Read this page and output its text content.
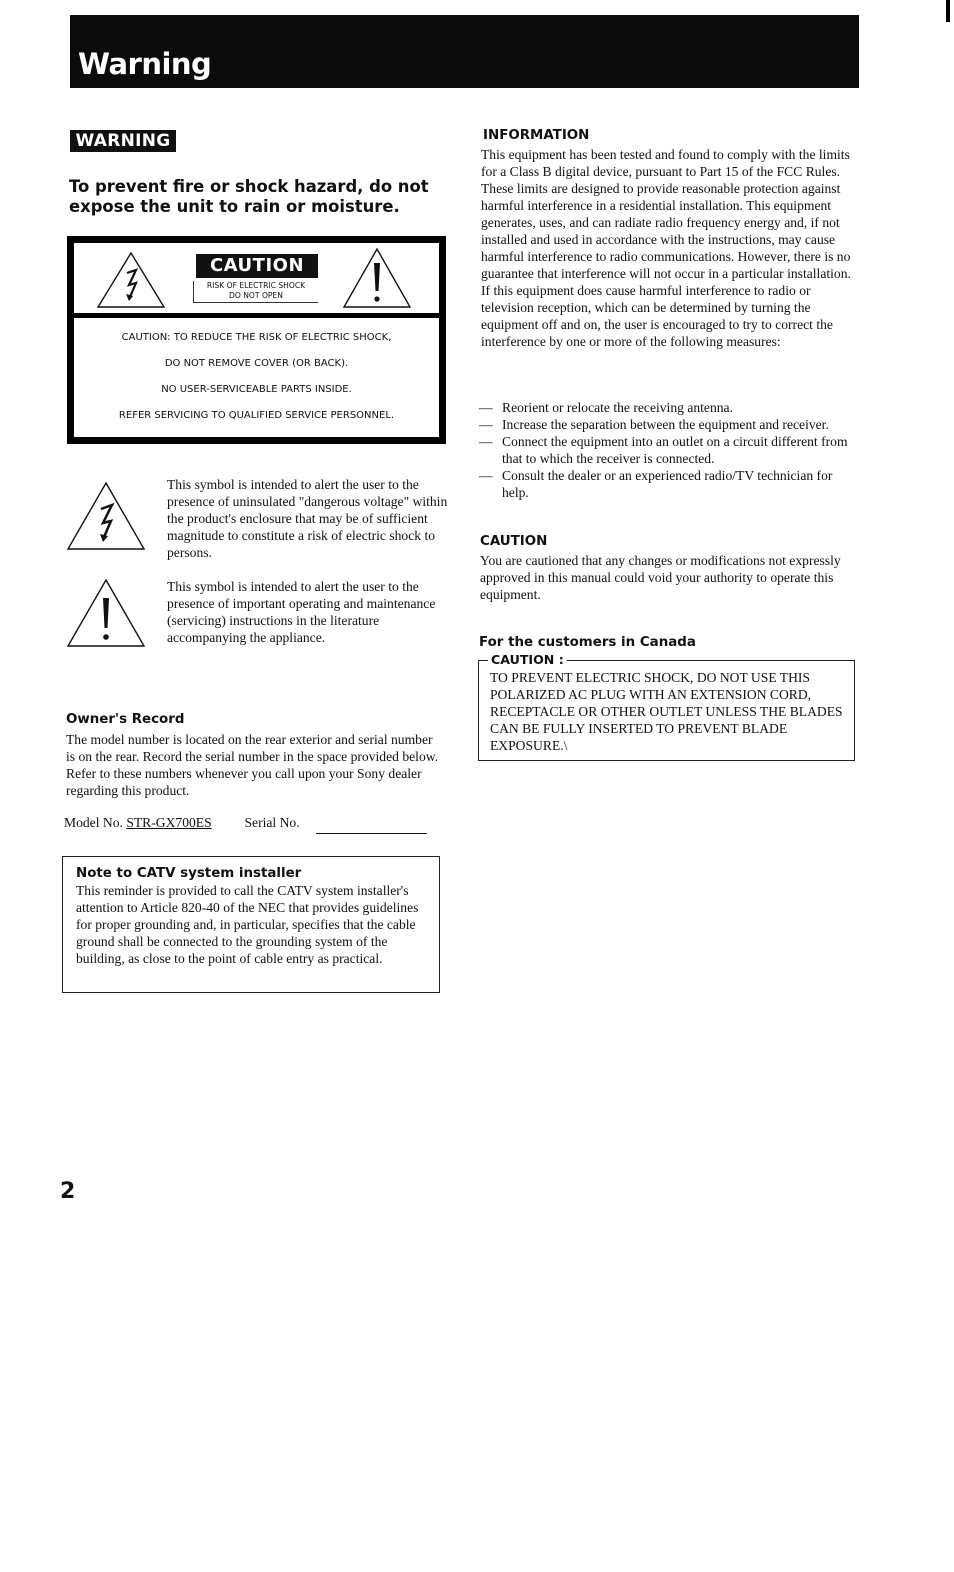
Warning
WARNING
To prevent fire or shock hazard, do not expose the unit to rain or moisture.
CAUTION
RISK OF ELECTRIC SHOCK
DO NOT OPEN
CAUTION: TO REDUCE THE RISK OF ELECTRIC SHOCK,
DO NOT REMOVE COVER (OR BACK).
NO USER-SERVICEABLE PARTS INSIDE.
REFER SERVICING TO QUALIFIED SERVICE PERSONNEL.
This symbol is intended to alert the user to the presence of uninsulated "dangerous voltage" within the product's enclosure that may be of sufficient magnitude to constitute a risk of electric shock to persons.
This symbol is intended to alert the user to the presence of important operating and maintenance (servicing) instructions in the literature accompanying the appliance.
Owner's Record
The model number is located on the rear exterior and serial number is on the rear. Record the serial number in the space provided below. Refer to these numbers whenever you call upon your Sony dealer regarding this product.
Model No. STR-GX700ES Serial No.
Note to CATV system installer
This reminder is provided to call the CATV system installer's attention to Article 820-40 of the NEC that provides guidelines for proper grounding and, in particular, specifies that the cable ground shall be connected to the grounding system of the building, as close to the point of cable entry as practical.
INFORMATION
This equipment has been tested and found to comply with the limits for a Class B digital device, pursuant to Part 15 of the FCC Rules. These limits are designed to provide reasonable protection against harmful interference in a residential installation. This equipment generates, uses, and can radiate radio frequency energy and, if not installed and used in accordance with the instructions, may cause harmful interference to radio communications. However, there is no guarantee that interference will not occur in a particular installation. If this equipment does cause harmful interference to radio or television reception, which can be determined by turning the equipment off and on, the user is encouraged to try to correct the interference by one or more of the following measures:
— Reorient or relocate the receiving antenna.
— Increase the separation between the equipment and receiver.
— Connect the equipment into an outlet on a circuit different from that to which the receiver is connected.
— Consult the dealer or an experienced radio/TV technician for help.
CAUTION
You are cautioned that any changes or modifications not expressly approved in this manual could void your authority to operate this equipment.
For the customers in Canada
CAUTION :
TO PREVENT ELECTRIC SHOCK, DO NOT USE THIS POLARIZED AC PLUG WITH AN EXTENSION CORD, RECEPTACLE OR OTHER OUTLET UNLESS THE BLADES CAN BE FULLY INSERTED TO PREVENT BLADE EXPOSURE.\
2
